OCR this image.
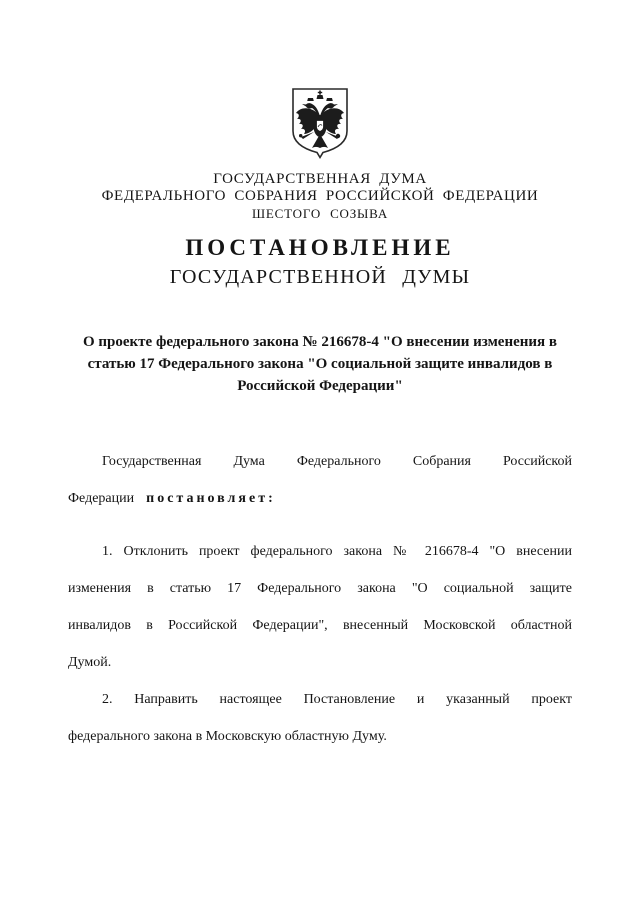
ГОСУДАРСТВЕННАЯ ДУМА
ФЕДЕРАЛЬНОГО СОБРАНИЯ РОССИЙСКОЙ ФЕДЕРАЦИИ
ШЕСТОГО СОЗЫВА
ПОСТАНОВЛЕНИЕ
ГОСУДАРСТВЕННОЙ ДУМЫ
О проекте федерального закона № 216678-4 "О внесении изменения в
статью 17 Федерального закона "О социальной защите инвалидов в
Российской Федерации"
Государственная Дума Федерального Собрания Российской
Федерации постановляет:
1. Отклонить проект федерального закона № 216678-4 "О внесении
изменения в статью 17 Федерального закона "О социальной защите
инвалидов в Российской Федерации", внесенный Московской областной
Думой.
2. Направить настоящее Постановление и указанный проект
федерального закона в Московскую областную Думу.
